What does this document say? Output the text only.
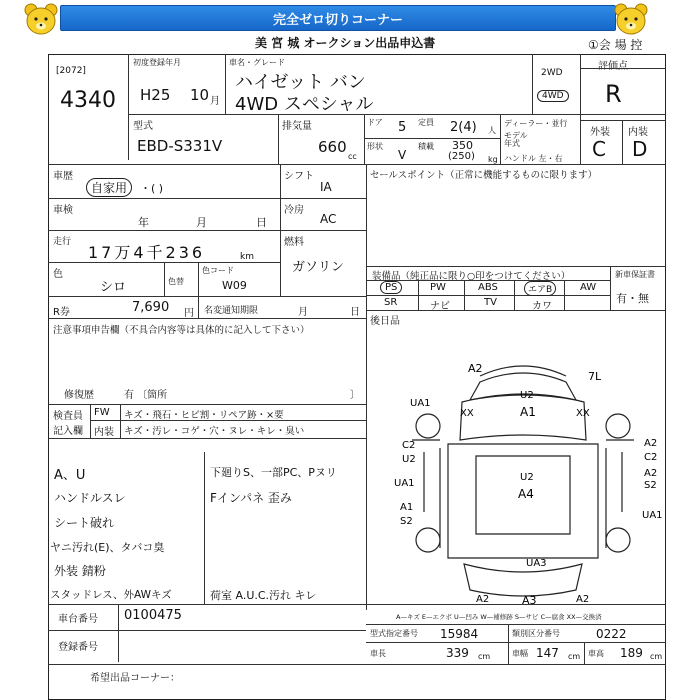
完全ゼロ切りコーナー
美 宮 城 オークション出品申込書	①会 場 控
[2072]
4340
初度登録年月
H25 10 月
車名・グレード
ハイゼット バン
4WD スペシャル
2WD
4WD
評価点
R
外装 内装
C D
型式
EBD-S331V
排気量
660
cc
ドア 5 定員 2(4) 人
形状
V
積載 350
(250) kg
ディーラー・並行
モデル年式
ハンドル 左・右
車歴
自家用	・( )
シフト
IA
セールスポイント（正常に機能するものに限ります）
車検
年	月	日
冷房
AC
走行
17万4千236	km
燃料
ガソリン
色
シロ	色替
色コード
W09
装備品（純正品に限り○印をつけてください）	新車保証書
有・無
PS	PW	ABS	エアB	AW
SR	ナビ	TV	カワ
後日品
R券	7,690 円 名変通知期限	月	日
注意事項申告欄（不具合内容等は具体的に記入して下さい）
修復歴	有 〔箇所	〕
検査員
記入欄
FW キズ・飛石・ヒビ割・リペア跡・×要
内装 キズ・汚レ・コゲ・穴・ヌレ・キレ・臭い
A、U
ハンドルスレ
シート破れ
ヤニ汚れ(E)、タバコ臭
外装 錆粉
スタッドレス、外AWキズ
下廻りS、一部PC、Pヌリ
Fインパネ 歪み
荷室 A.U.C.汚れ キレ
A2
7L
UA1
XX
U2
A1	XX
C2	A2
U2	C2
UA1
U2
A4
A2
S2
A1
S2
UA1
UA3
A2	A3	A2
車台番号 0100475	A—キズ E—エクボ U—凹み W—補修跡 S—サビ C—腐食 XX—交換済
登録番号
型式指定番号 15984	類別区分番号	0222
車長	339 cm	車幅 147 cm 車高 189 cm
希望出品コーナー：
